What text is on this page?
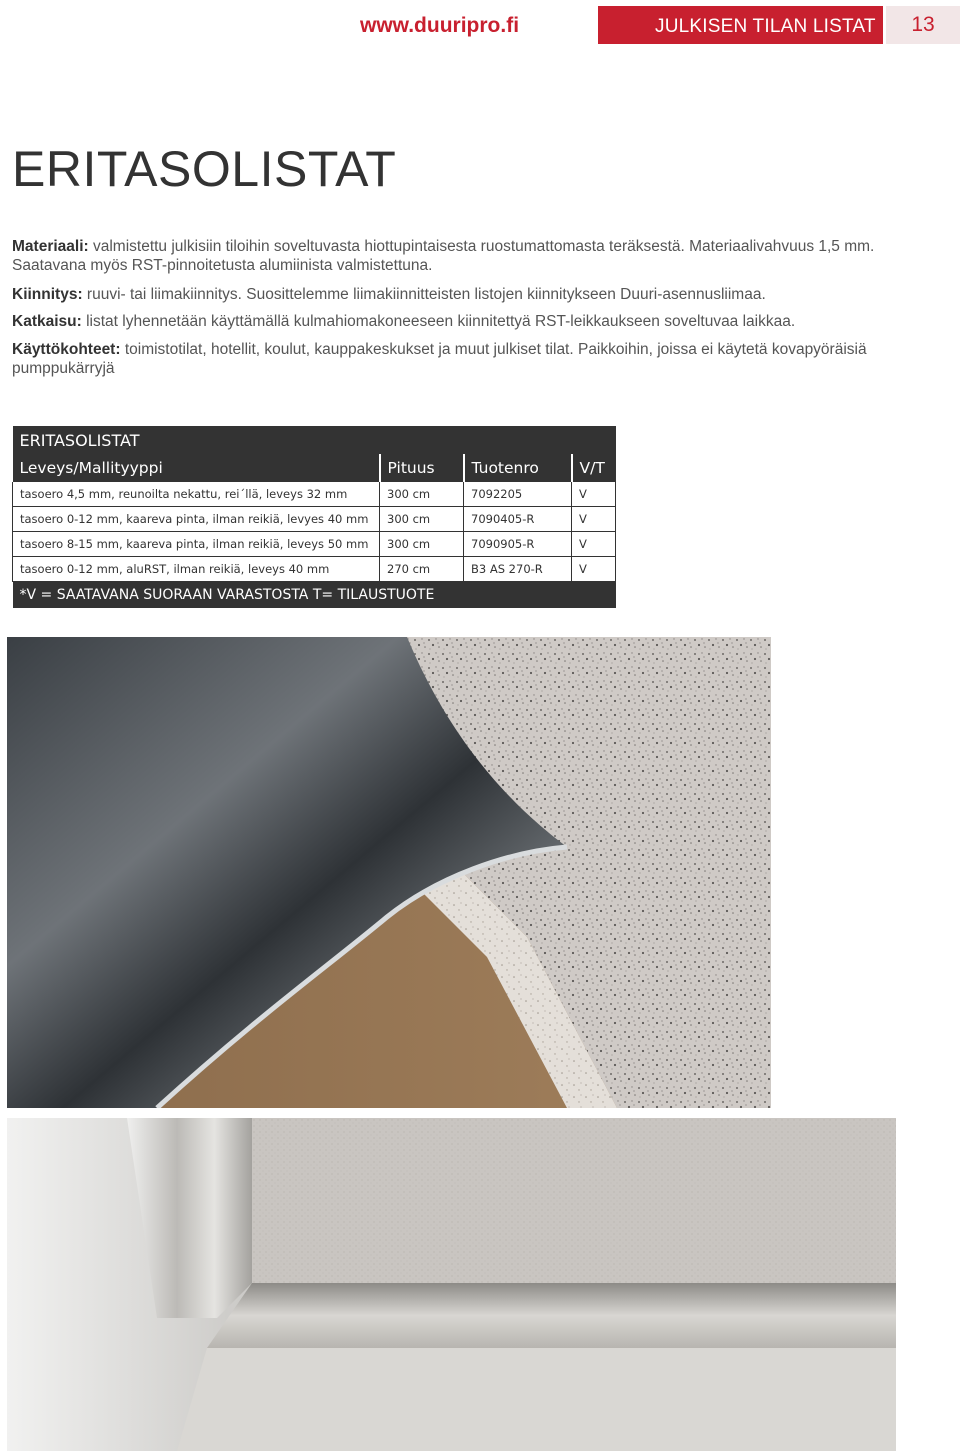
www.duuripro.fi	JULKISEN TILAN LISTAT	13
ERITASOLISTAT

Materiaali: valmistettu julkisiin tiloihin soveltuvasta hiottupintaisesta ruostumattomasta teräksestä. Materiaalivahvuus 1,5 mm. Saatavana myös RST-pinnoitetusta alumiinista valmistettuna.

Kiinnitys: ruuvi- tai liimakiinnitys. Suosittelemme liimakiinnitteisten listojen kiinnitykseen Duuri-asennusliimaa.

Katkaisu: listat lyhennetään käyttämällä kulmahiomakoneeseen kiinnitettyä RST-leikkaukseen soveltuvaa laikkaa.

Käyttökohteet: toimistotilat, hotellit, koulut, kauppakeskukset ja muut julkiset tilat. Paikkoihin, joissa ei käytetä kovapyöräisiä pumppukärryjä

ERITASOLISTAT			
Leveys/Mallityyppi	Pituus	Tuotenro	V/T
tasoero 4,5 mm, reunoilta nekattu, rei´llä, leveys 32 mm	300 cm	7092205	V
tasoero 0-12 mm, kaareva pinta, ilman reikiä, levyes 40 mm	300 cm	7090405-R	V
tasoero 8-15 mm, kaareva pinta, ilman reikiä, leveys 50 mm	300 cm	7090905-R	V
tasoero 0-12 mm, aluRST, ilman reikiä, leveys 40 mm	270 cm	B3 AS 270-R	V
*V = SAATAVANA SUORAAN VARASTOSTA T= TILAUSTUOTE			
